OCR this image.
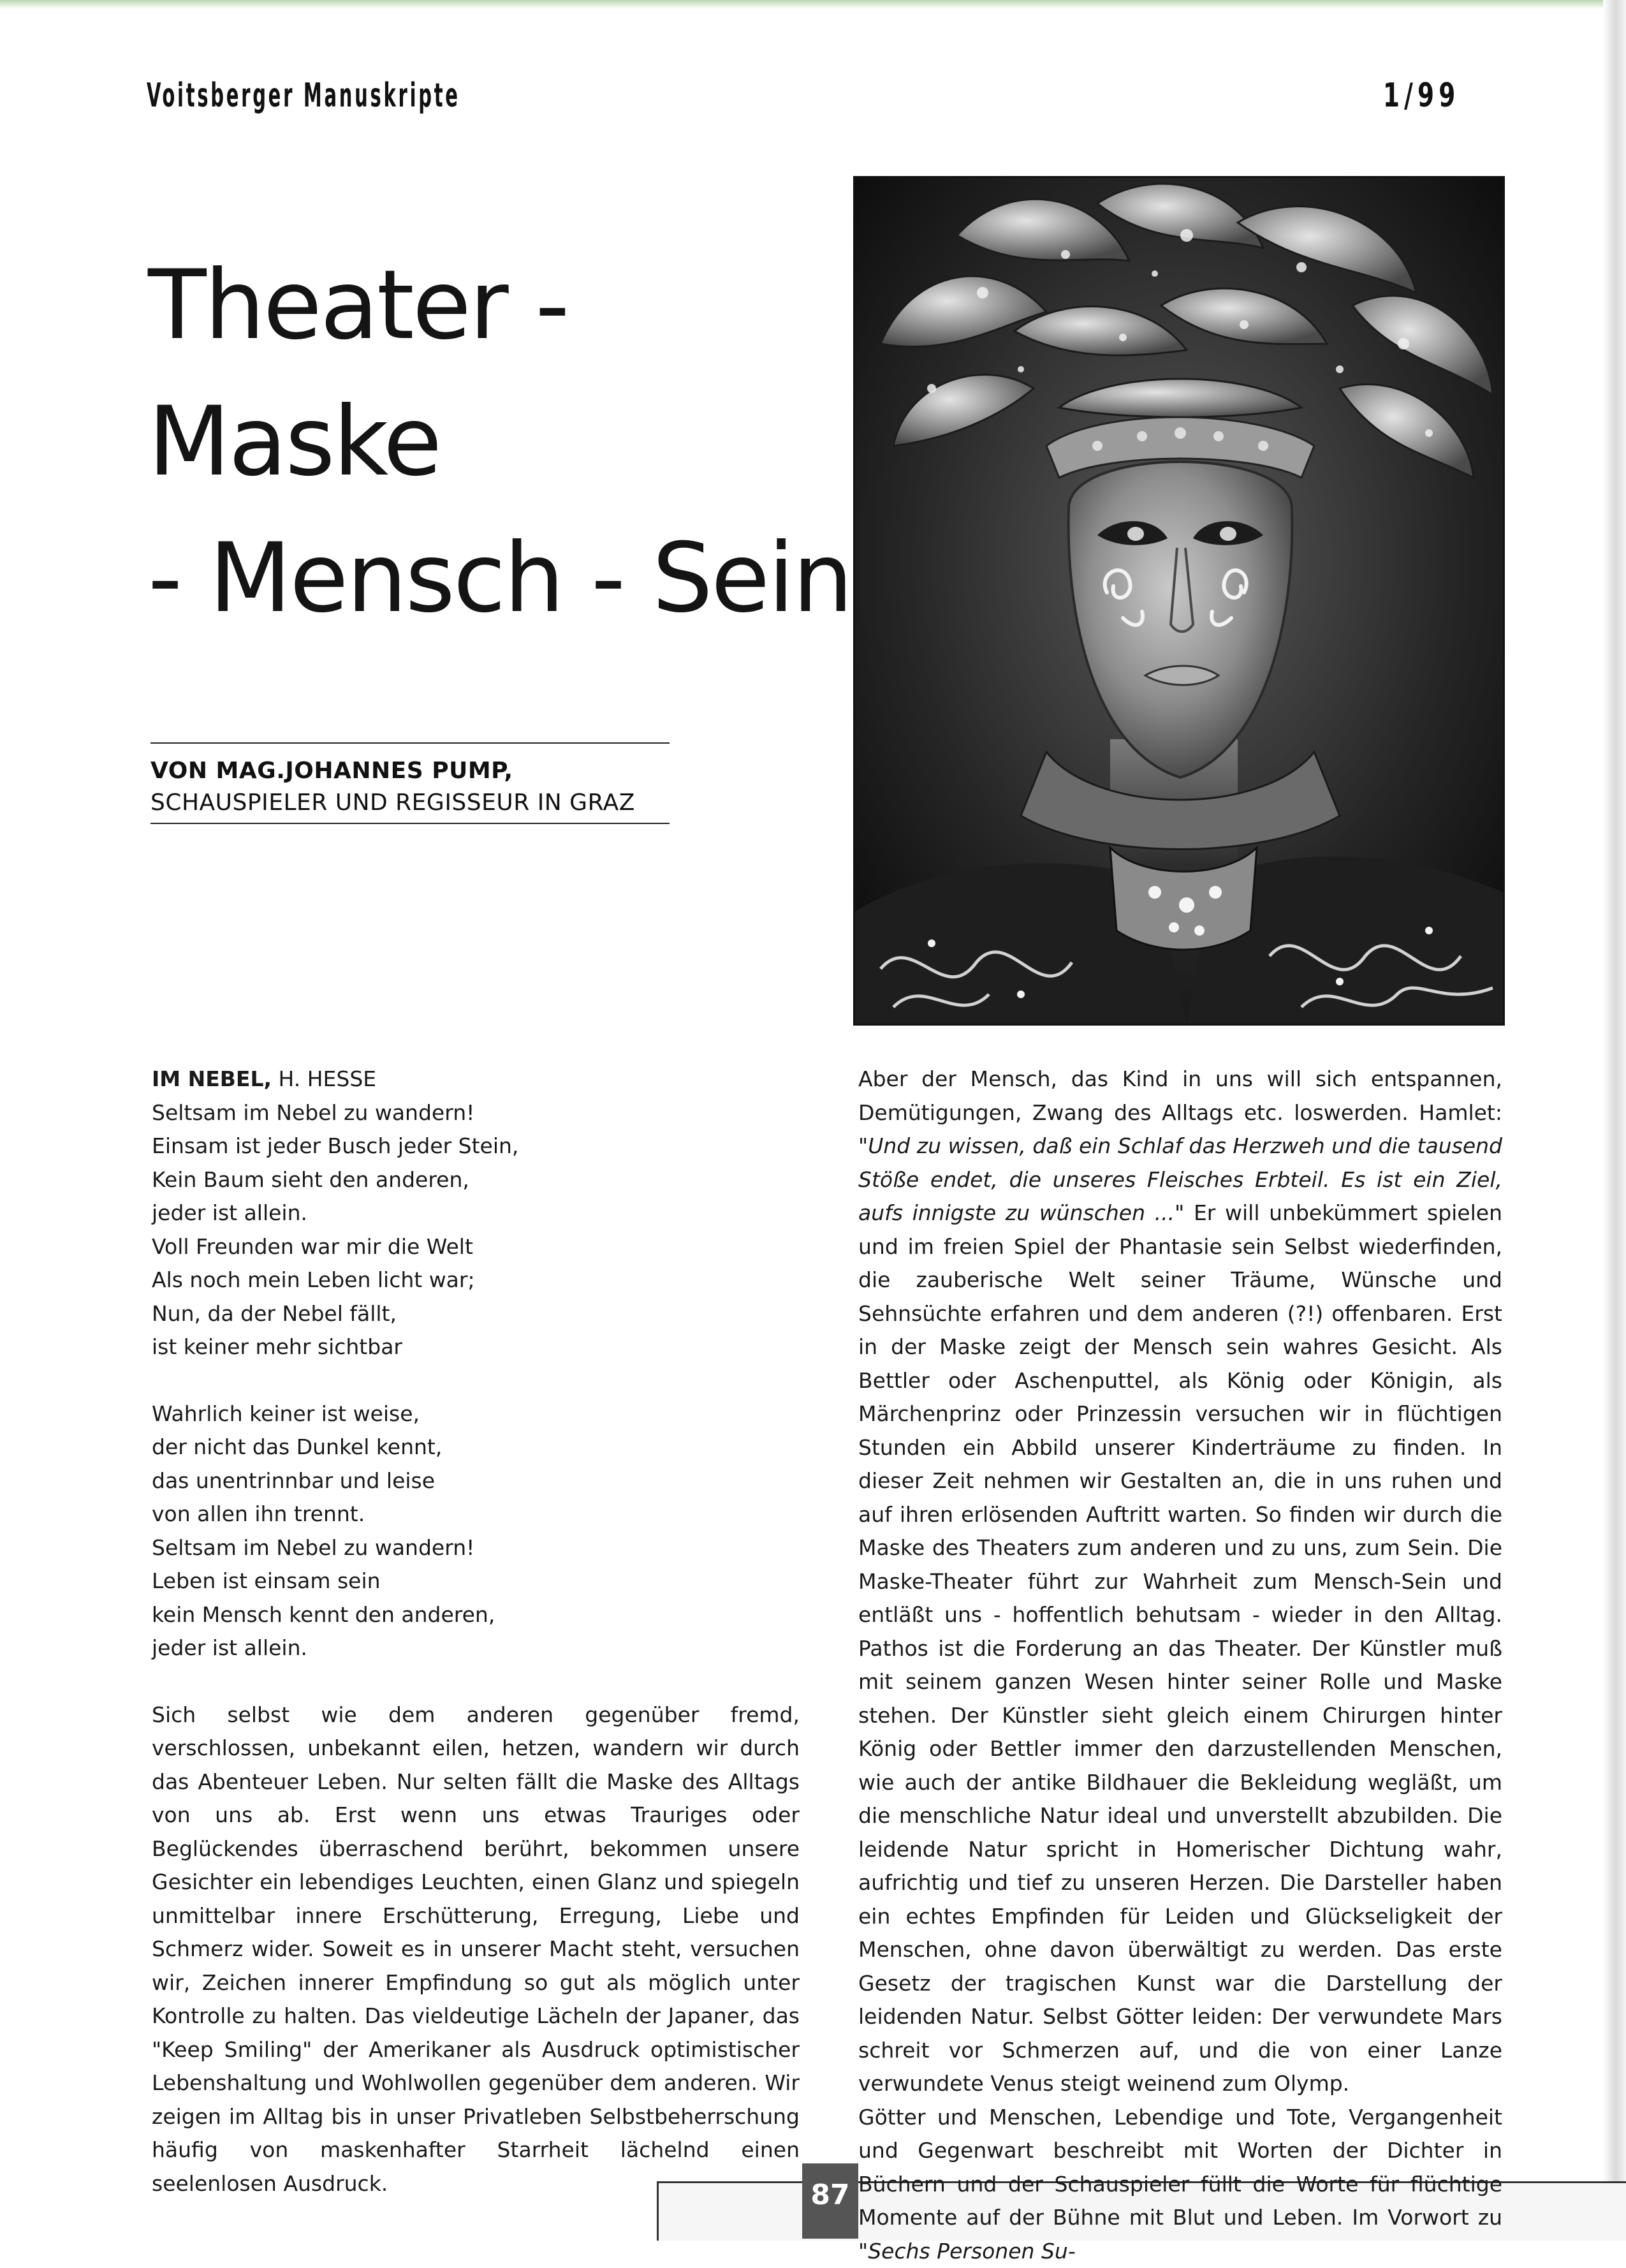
Voitsberger Manuskripte	1/99
Theater - Maske
- Mensch - Sein
VON MAG.JOHANNES PUMP,
SCHAUSPIELER UND REGISSEUR IN GRAZ

IM NEBEL, H. HESSE

Seltsam im Nebel zu wandern!
Einsam ist jeder Busch jeder Stein,
Kein Baum sieht den anderen,
jeder ist allein.
Voll Freunden war mir die Welt
Als noch mein Leben licht war;
Nun, da der Nebel fällt,
ist keiner mehr sichtbar
Wahrlich keiner ist weise,
der nicht das Dunkel kennt,
das unentrinnbar und leise
von allen ihn trennt.
Seltsam im Nebel zu wandern!
Leben ist einsam sein
kein Mensch kennt den anderen,
jeder ist allein.

Sich selbst wie dem anderen gegenüber fremd, verschlossen, unbekannt eilen, hetzen, wandern wir durch das Abenteuer Leben. Nur selten fällt die Maske des Alltags von uns ab. Erst wenn uns etwas Trauriges oder Beglückendes überraschend berührt, bekommen unsere Gesichter ein lebendiges Leuchten, einen Glanz und spiegeln unmittelbar innere Erschütterung, Erregung, Liebe und Schmerz wider. Soweit es in unserer Macht steht, versuchen wir, Zeichen innerer Empfindung so gut als möglich unter Kontrolle zu halten. Das vieldeutige Lächeln der Japaner, das "Keep Smiling" der Amerikaner als Ausdruck optimistischer Lebenshaltung und Wohlwollen gegenüber dem anderen. Wir zeigen im Alltag bis in unser Privatleben Selbstbeherrschung häufig von maskenhafter Starrheit lächelnd einen seelenlosen Ausdruck.

Aber der Mensch, das Kind in uns will sich entspannen, Demütigungen, Zwang des Alltags etc. loswerden. Hamlet: "Und zu wissen, daß ein Schlaf das Herzweh und die tausend Stöße endet, die unseres Fleisches Erbteil. Es ist ein Ziel, aufs innigste zu wünschen ..." Er will unbekümmert spielen und im freien Spiel der Phantasie sein Selbst wiederfinden, die zauberische Welt seiner Träume, Wünsche und Sehnsüchte erfahren und dem anderen (?!) offenbaren. Erst in der Maske zeigt der Mensch sein wahres Gesicht. Als Bettler oder Aschenputtel, als König oder Königin, als Märchenprinz oder Prinzessin versuchen wir in flüchtigen Stunden ein Abbild unserer Kinderträume zu finden. In dieser Zeit nehmen wir Gestalten an, die in uns ruhen und auf ihren erlösenden Auftritt warten. So finden wir durch die Maske des Theaters zum anderen und zu uns, zum Sein. Die Maske-Theater führt zur Wahrheit zum Mensch-Sein und entläßt uns - hoffentlich behutsam - wieder in den Alltag. Pathos ist die Forderung an das Theater. Der Künstler muß mit seinem ganzen Wesen hinter seiner Rolle und Maske stehen. Der Künstler sieht gleich einem Chirurgen hinter König oder Bettler immer den darzustellenden Menschen, wie auch der antike Bildhauer die Bekleidung wegläßt, um die menschliche Natur ideal und unverstellt abzubilden. Die leidende Natur spricht in Homerischer Dichtung wahr, aufrichtig und tief zu unseren Herzen. Die Darsteller haben ein echtes Empfinden für Leiden und Glückseligkeit der Menschen, ohne davon überwältigt zu werden. Das erste Gesetz der tragischen Kunst war die Darstellung der leidenden Natur. Selbst Götter leiden: Der verwundete Mars schreit vor Schmerzen auf, und die von einer Lanze verwundete Venus steigt weinend zum Olymp.

Götter und Menschen, Lebendige und Tote, Vergangenheit und Gegenwart beschreibt mit Worten der Dichter in Büchern und der Schauspieler füllt die Worte für flüchtige Momente auf der Bühne mit Blut und Leben. Im Vorwort zu "Sechs Personen Su-

87
